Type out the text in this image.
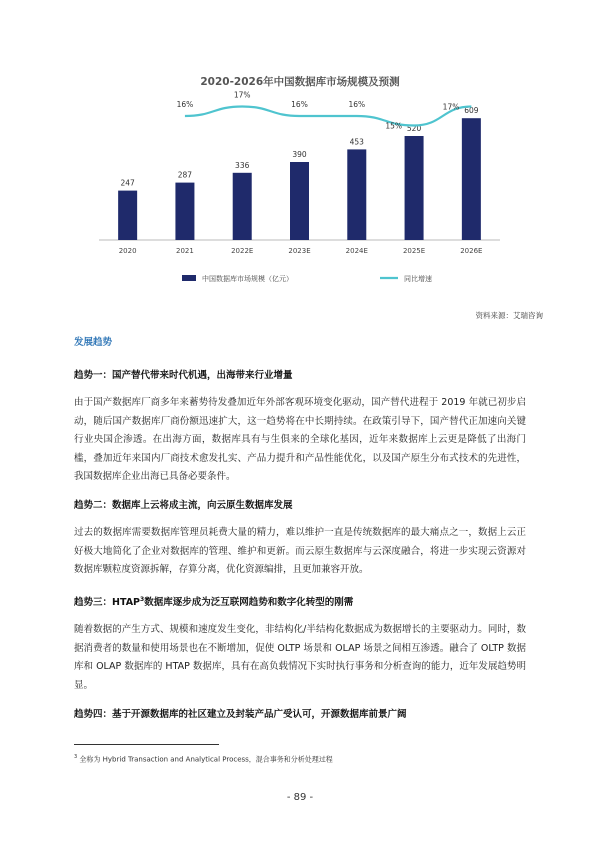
2020-2026年中国数据库市场规模及预测
247
2020
287
2021
336
2022E
390
2023E
453
2024E
520
2025E
609
2026E
16%
17%
16%	16%
15%
17%
中国数据库市场规模（亿元）	同比增速
资料来源：艾瑞咨询
发展趋势
趋势一：国产替代带来时代机遇，出海带来行业增量
由于国产数据库厂商多年来蓄势待发叠加近年外部客观环境变化驱动，国产替代进程于 2019 年就已初步启动，随后国产数据库厂商份额迅速扩大，这一趋势将在中长期持续。在政策引导下，国产替代正加速向关键行业央国企渗透。在出海方面，数据库具有与生俱来的全球化基因，近年来数据库上云更是降低了出海门槛，叠加近年来国内厂商技术愈发扎实、产品力提升和产品性能优化，以及国产原生分布式技术的先进性，我国数据库企业出海已具备必要条件。
趋势二：数据库上云将成主流，向云原生数据库发展
过去的数据库需要数据库管理员耗费大量的精力，难以维护一直是传统数据库的最大痛点之一，数据上云正好极大地简化了企业对数据库的管理、维护和更新。而云原生数据库与云深度融合，将进一步实现云资源对数据库颗粒度资源拆解，存算分离，优化资源编排，且更加兼容开放。
趋势三：HTAP$^3$数据库逐步成为泛互联网趋势和数字化转型的刚需
随着数据的产生方式、规模和速度发生变化，非结构化/半结构化数据成为数据增长的主要驱动力。同时，数据消费者的数量和使用场景也在不断增加，促使 OLTP 场景和 OLAP 场景之间相互渗透。融合了 OLTP 数据库和 OLAP 数据库的 HTAP 数据库，具有在高负载情况下实时执行事务和分析查询的能力，近年发展趋势明显。
趋势四：基于开源数据库的社区建立及封装产品广受认可，开源数据库前景广阔
$^3$ 全称为 Hybrid Transaction and Analytical Process，混合事务和分析处理过程
- 89 -
